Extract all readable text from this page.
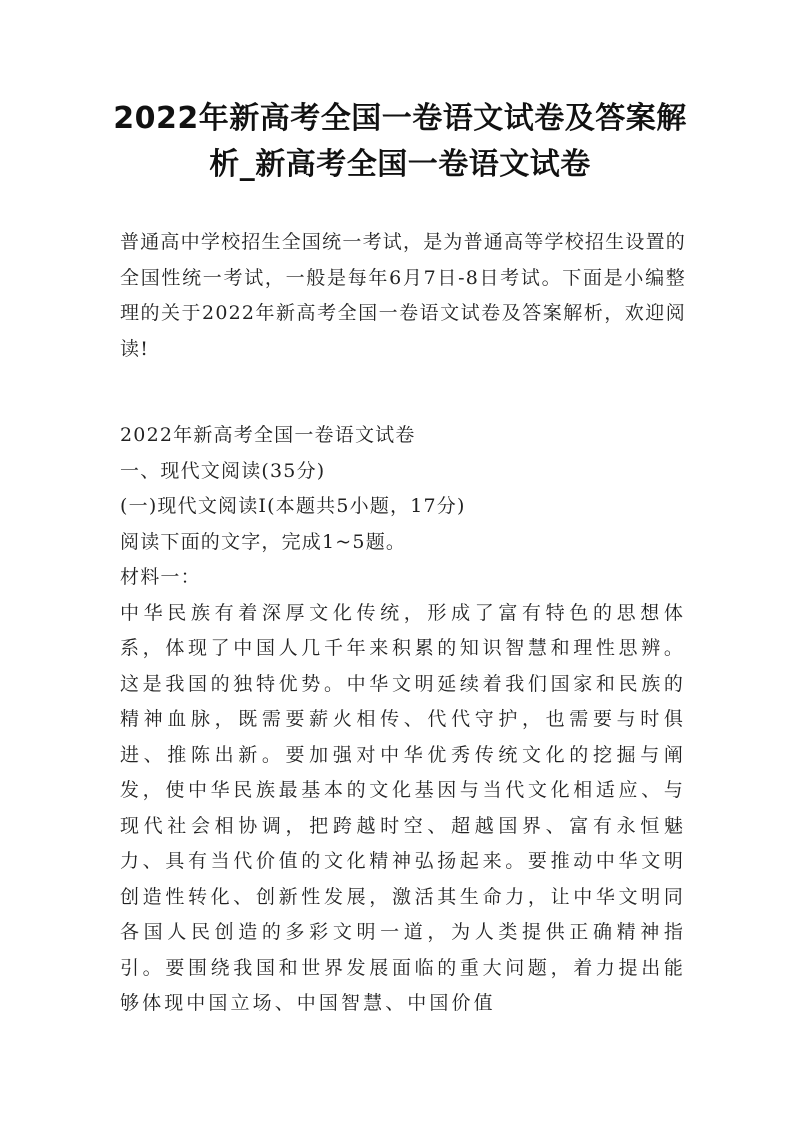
2022年新高考全国一卷语文试卷及答案解析_新高考全国一卷语文试卷

普通高中学校招生全国统一考试，是为普通高等学校招生设置的全国性统一考试，一般是每年6月7日-8日考试。下面是小编整理的关于2022年新高考全国一卷语文试卷及答案解析，欢迎阅读!

2022年新高考全国一卷语文试卷

一、现代文阅读(35分)

(一)现代文阅读Ⅰ(本题共5小题，17分)

阅读下面的文字，完成1~5题。

材料一：

中华民族有着深厚文化传统，形成了富有特色的思想体系，体现了中国人几千年来积累的知识智慧和理性思辨。这是我国的独特优势。中华文明延续着我们国家和民族的精神血脉，既需要薪火相传、代代守护，也需要与时俱进、推陈出新。要加强对中华优秀传统文化的挖掘与阐发，使中华民族最基本的文化基因与当代文化相适应、与现代社会相协调，把跨越时空、超越国界、富有永恒魅力、具有当代价值的文化精神弘扬起来。要推动中华文明创造性转化、创新性发展，激活其生命力，让中华文明同各国人民创造的多彩文明一道，为人类提供正确精神指引。要围绕我国和世界发展面临的重大问题，着力提出能够体现中国立场、中国智慧、中国价值
